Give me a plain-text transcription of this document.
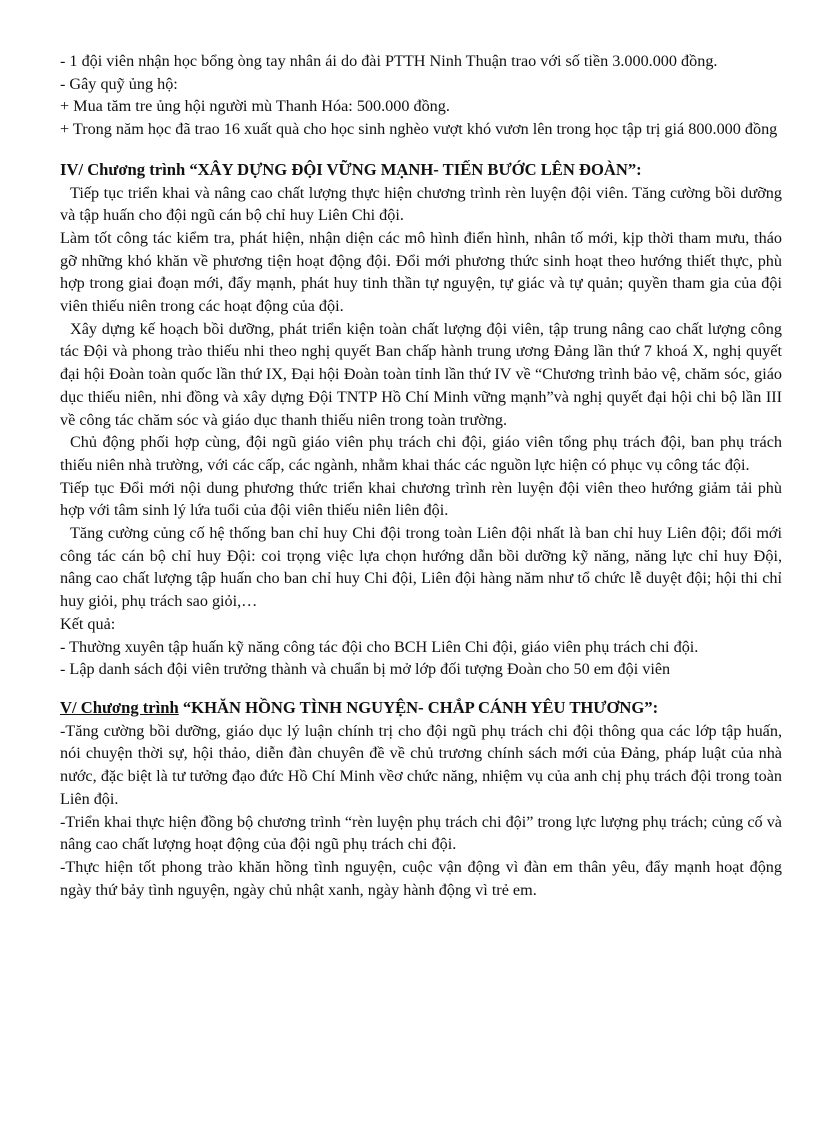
- 1 đội viên nhận học bổng òng tay nhân ái do đài PTTH Ninh Thuận trao với số tiền 3.000.000 đồng.

- Gây quỹ ủng hộ:

+ Mua tăm tre ủng hội người mù Thanh Hóa: 500.000 đồng.

+ Trong năm học đã trao 16 xuất quà cho học sinh nghèo vượt khó vươn lên trong học tập trị giá 800.000 đồng

IV/ Chương trình “XÂY DỰNG ĐỘI VỮNG MẠNH- TIẾN BƯỚC LÊN ĐOÀN”:

Tiếp tục triển khai và nâng cao chất lượng thực hiện chương trình rèn luyện đội viên. Tăng cường bồi dưỡng và tập huấn cho đội ngũ cán bộ chỉ huy Liên Chi đội.

Làm tốt công tác kiểm tra, phát hiện, nhận diện các mô hình điển hình, nhân tố mới, kịp thời tham mưu, tháo gỡ những khó khăn về phương tiện hoạt động đội. Đổi mới phương thức sinh hoạt theo hướng thiết thực, phù hợp trong giai đoạn mới, đẩy mạnh, phát huy tinh thần tự nguyện, tự giác và tự quản; quyền tham gia của đội viên thiếu niên trong các hoạt động của đội.

Xây dựng kế hoạch bồi dưỡng, phát triển kiện toàn chất lượng đội viên, tập trung nâng cao chất lượng công tác Đội và phong trào thiếu nhi theo nghị quyết Ban chấp hành trung ương Đảng lần thứ 7 khoá X, nghị quyết đại hội Đoàn toàn quốc lần thứ IX, Đại hội Đoàn toàn tỉnh lần thứ IV về “Chương trình bảo vệ, chăm sóc, giáo dục thiếu niên, nhi đồng và xây dựng Đội TNTP Hồ Chí Minh vững mạnh”và nghị quyết đại hội chi bộ lần III về công tác chăm sóc và giáo dục thanh thiếu niên trong toàn trường.

Chủ động phối hợp cùng, đội ngũ giáo viên phụ trách chi đội, giáo viên tổng phụ trách đội, ban phụ trách thiếu niên nhà trường, với các cấp, các ngành, nhằm khai thác các nguồn lực hiện có phục vụ công tác đội.

Tiếp tục Đổi mới nội dung phương thức triển khai chương trình rèn luyện đội viên theo hướng giảm tải phù hợp với tâm sinh lý lứa tuổi của đội viên thiếu niên liên đội.

Tăng cường củng cố hệ thống ban chỉ huy Chi đội trong toàn Liên đội nhất là ban chỉ huy Liên đội; đổi mới công tác cán bộ chỉ huy Đội: coi trọng việc lựa chọn hướng dẫn bồi dưỡng kỹ năng, năng lực chỉ huy Đội, nâng cao chất lượng tập huấn cho ban chỉ huy Chi đội, Liên đội hàng năm như tổ chức lễ duyệt đội; hội thi chỉ huy giỏi, phụ trách sao giỏi,…

Kết quả:

- Thường xuyên tập huấn kỹ năng công tác đội cho BCH Liên Chi đội, giáo viên phụ trách chi đội.

- Lập danh sách đội viên trưởng thành và chuẩn bị mở lớp đối tượng Đoàn cho 50 em đội viên

V/ Chương trình “KHĂN HỒNG TÌNH NGUYỆN- CHẮP CÁNH YÊU THƯƠNG”:

-Tăng cường bồi dưỡng, giáo dục lý luận chính trị cho đội ngũ phụ trách chi đội thông qua các lớp tập huấn, nói chuyện thời sự, hội thảo, diễn đàn chuyên đề về chủ trương chính sách mới của Đảng, pháp luật của nhà nước, đặc biệt là tư tưởng đạo đức Hồ Chí Minh vềơ chức năng, nhiệm vụ của anh chị phụ trách đội trong toàn Liên đội.

-Triển khai thực hiện đồng bộ chương trình “rèn luyện phụ trách chi đội” trong lực lượng phụ trách; củng cố và nâng cao chất lượng hoạt động của đội ngũ phụ trách chi đội.

-Thực hiện tốt phong trào khăn hồng tình nguyện, cuộc vận động vì đàn em thân yêu, đẩy mạnh hoạt động ngày thứ bảy tình nguyện, ngày chủ nhật xanh, ngày hành động vì trẻ em.
